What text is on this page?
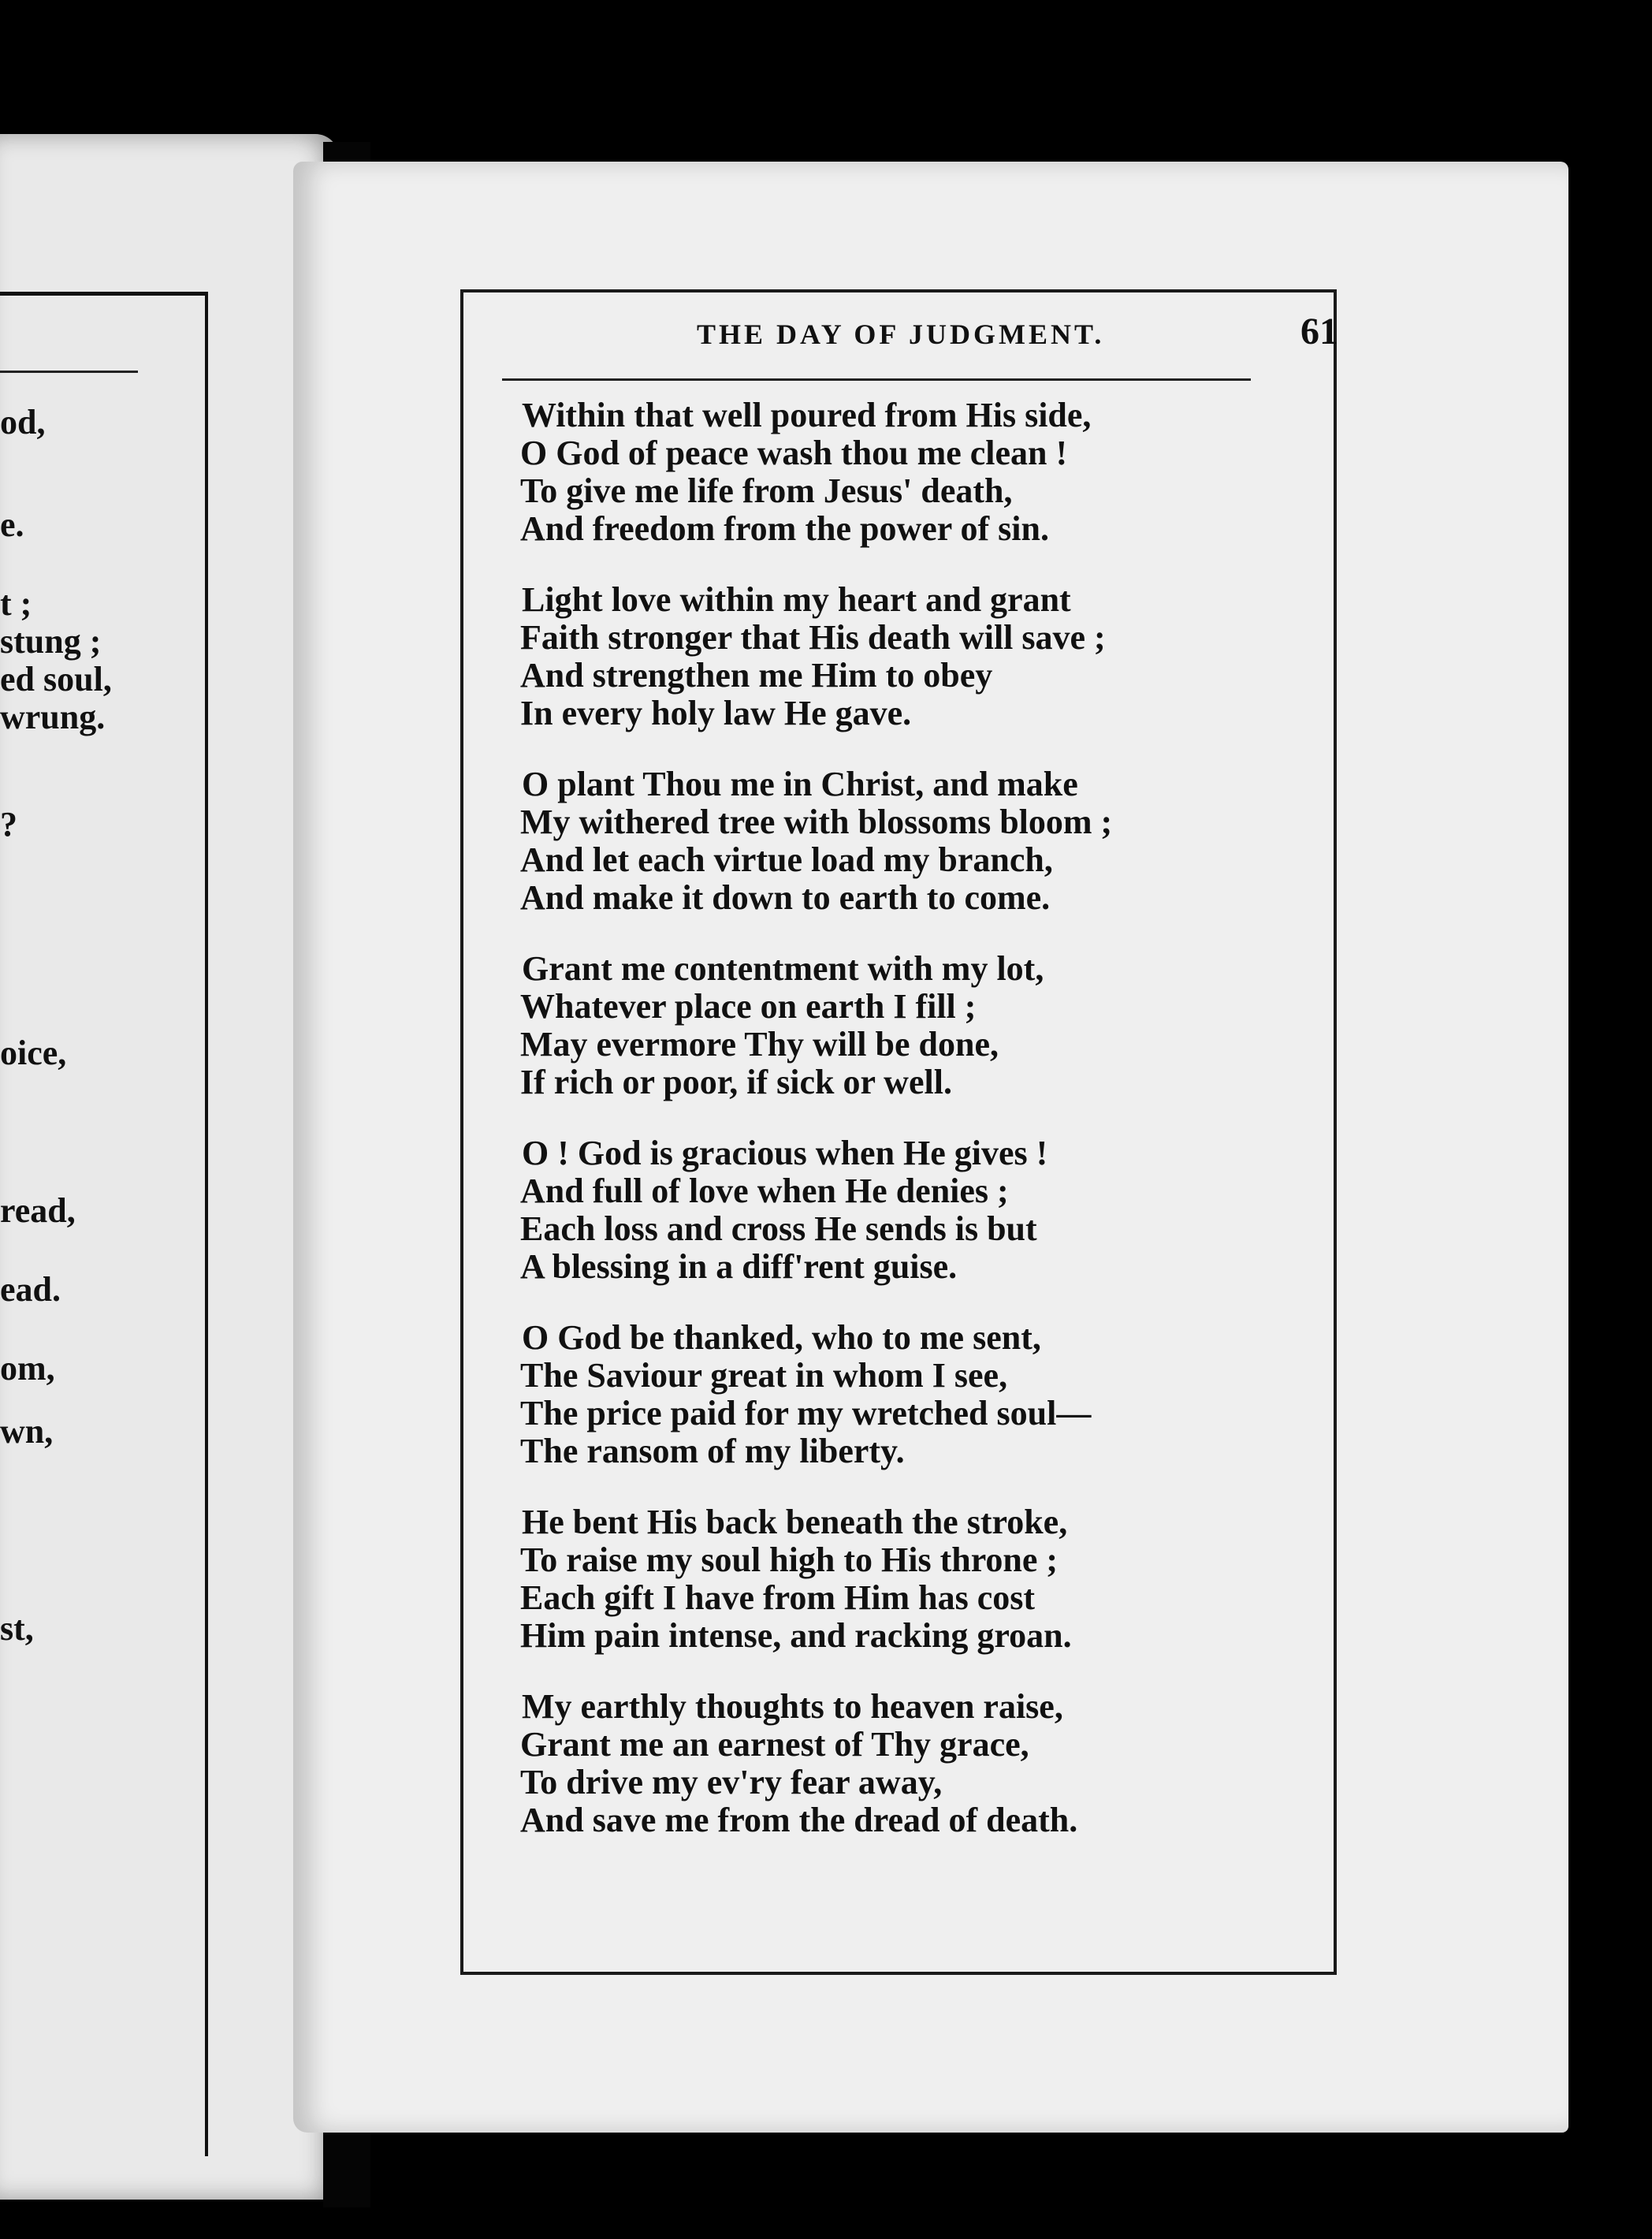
od,
e.
t ;
stung ;
ed soul,
wrung.
?
oice,
read,
ead.
om,
wn,
st,
THE DAY OF JUDGMENT.	61
Within that well poured from His side,
O God of peace wash thou me clean !
To give me life from Jesus' death,
And freedom from the power of sin.
Light love within my heart and grant
Faith stronger that His death will save ;
And strengthen me Him to obey
In every holy law He gave.
O plant Thou me in Christ, and make
My withered tree with blossoms bloom ;
And let each virtue load my branch,
And make it down to earth to come.
Grant me contentment with my lot,
Whatever place on earth I fill ;
May evermore Thy will be done,
If rich or poor, if sick or well.
O ! God is gracious when He gives !
And full of love when He denies ;
Each loss and cross He sends is but
A blessing in a diff'rent guise.
O God be thanked, who to me sent,
The Saviour great in whom I see,
The price paid for my wretched soul—
The ransom of my liberty.
He bent His back beneath the stroke,
To raise my soul high to His throne ;
Each gift I have from Him has cost
Him pain intense, and racking groan.
My earthly thoughts to heaven raise,
Grant me an earnest of Thy grace,
To drive my ev'ry fear away,
And save me from the dread of death.
